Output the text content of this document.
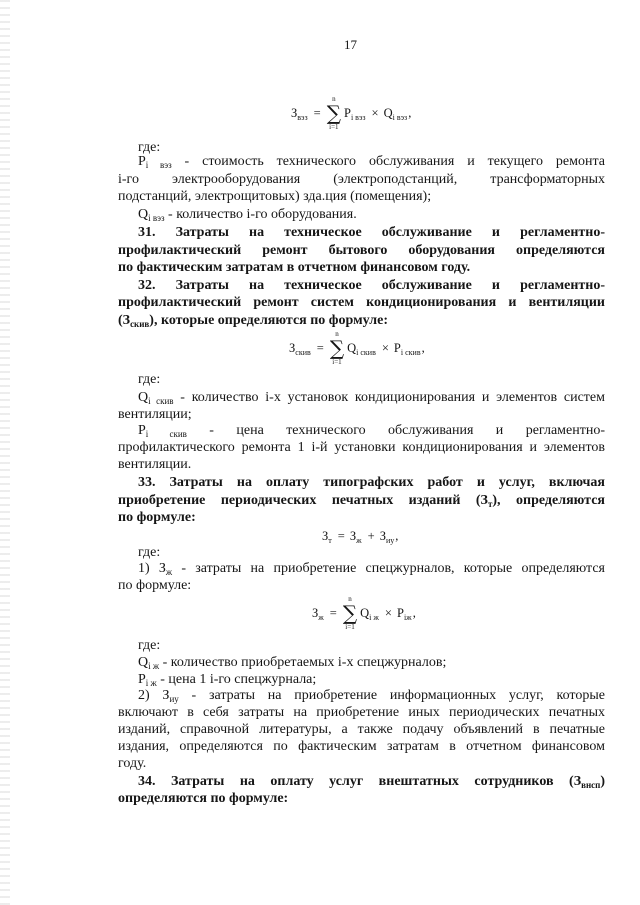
17
З вэз =
n
∑
i=1
P i вэз × Q i вэз ,
где:
$P_{i вэз}$ - стоимость технического обслуживания и текущего ремонта
i-го электрооборудования (электроподстанций, трансформаторных
подстанций, электрощитовых) зда.ция (помещения);
$Q_{i вэз}$ - количество i-го оборудования.
31. Затраты на техническое обслуживание и регламентно-
профилактический ремонт бытового оборудования определяются
по фактическим затратам в отчетном финансовом году.
32. Затраты на техническое обслуживание и регламентно-
профилактический ремонт систем кондиционирования и вентиляции
$(З_{скив})$, которые определяются по формуле:
З скив =
n
∑
i=1
Q i скив × P i скив ,
где:
$Q_{i скив}$ - количество i-х установок кондиционирования и элементов систем
вентиляции;
$P_{i скив}$ - цена технического обслуживания и регламентно-
профилактического ремонта 1 i-й установки кондиционирования и элементов
вентиляции.
33. Затраты на оплату типографских работ и услуг, включая
приобретение периодических печатных изданий $(З_т)$, определяются
по формуле:
З т = З ж + З иу ,
где:
1) $З_ж$ - затраты на приобретение спецжурналов, которые определяются
по формуле:
З ж =
n
∑
i=1
Q i ж × P iж ,
где:
$Q_{i ж}$ - количество приобретаемых i-х спецжурналов;
$P_{i ж}$ - цена 1 i-го спецжурнала;
2) $З_{иу}$ - затраты на приобретение информационных услуг, которые
включают в себя затраты на приобретение иных периодических печатных
изданий, справочной литературы, а также подачу объявлений в печатные
издания, определяются по фактическим затратам в отчетном финансовом
году.
34. Затраты на оплату услуг внештатных сотрудников $(З_{внсп})$
определяются по формуле:
